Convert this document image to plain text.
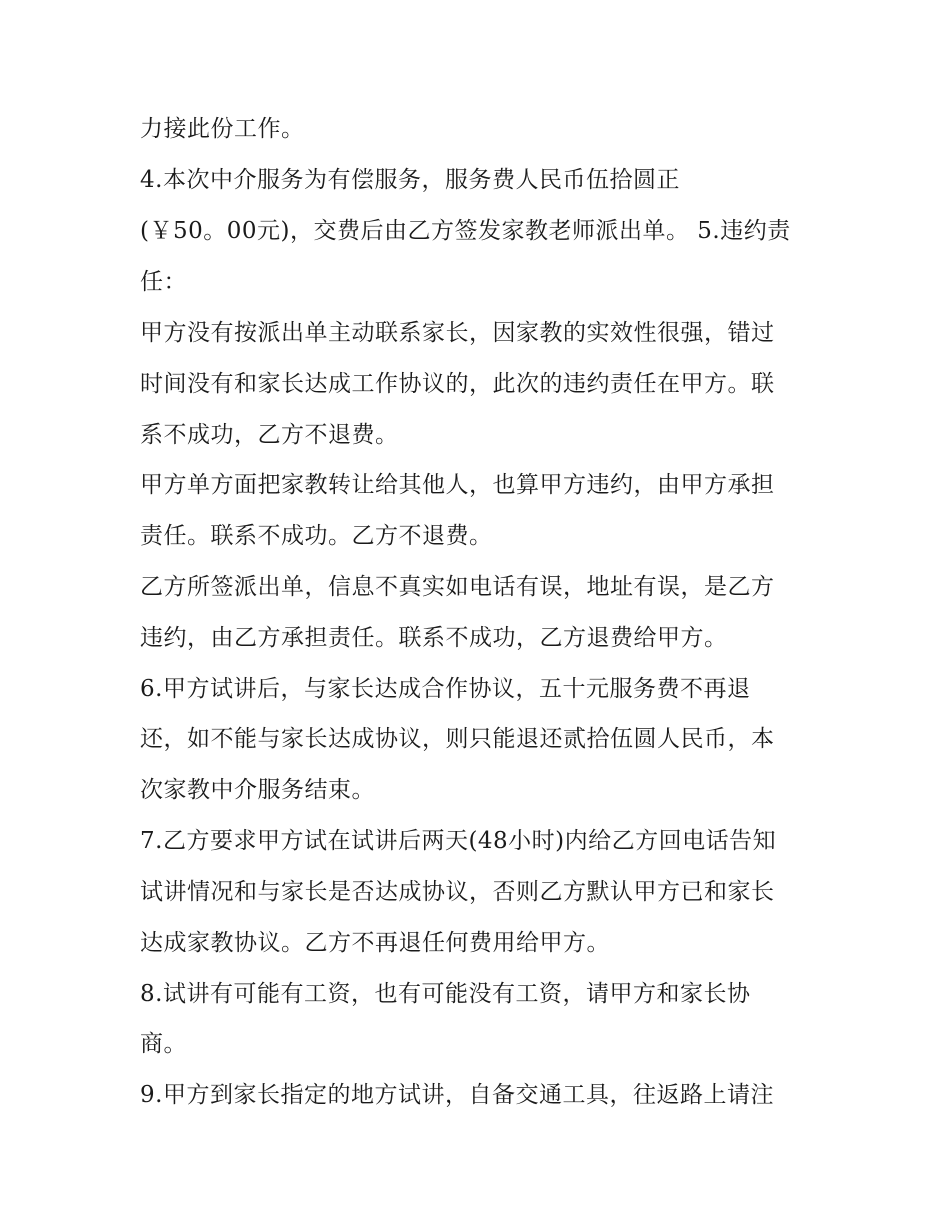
力接此份工作。
4.本次中介服务为有偿服务，服务费人民币伍拾圆正
(￥50。00元)，交费后由乙方签发家教老师派出单。 5.违约责
任：
甲方没有按派出单主动联系家长，因家教的实效性很强，错过
时间没有和家长达成工作协议的，此次的违约责任在甲方。联
系不成功，乙方不退费。
甲方单方面把家教转让给其他人，也算甲方违约，由甲方承担
责任。联系不成功。乙方不退费。
乙方所签派出单，信息不真实如电话有误，地址有误，是乙方
违约，由乙方承担责任。联系不成功，乙方退费给甲方。
6.甲方试讲后，与家长达成合作协议，五十元服务费不再退
还，如不能与家长达成协议，则只能退还贰拾伍圆人民币，本
次家教中介服务结束。
7.乙方要求甲方试在试讲后两天(48小时)内给乙方回电话告知
试讲情况和与家长是否达成协议，否则乙方默认甲方已和家长
达成家教协议。乙方不再退任何费用给甲方。
8.试讲有可能有工资，也有可能没有工资，请甲方和家长协
商。
9.甲方到家长指定的地方试讲，自备交通工具，往返路上请注
